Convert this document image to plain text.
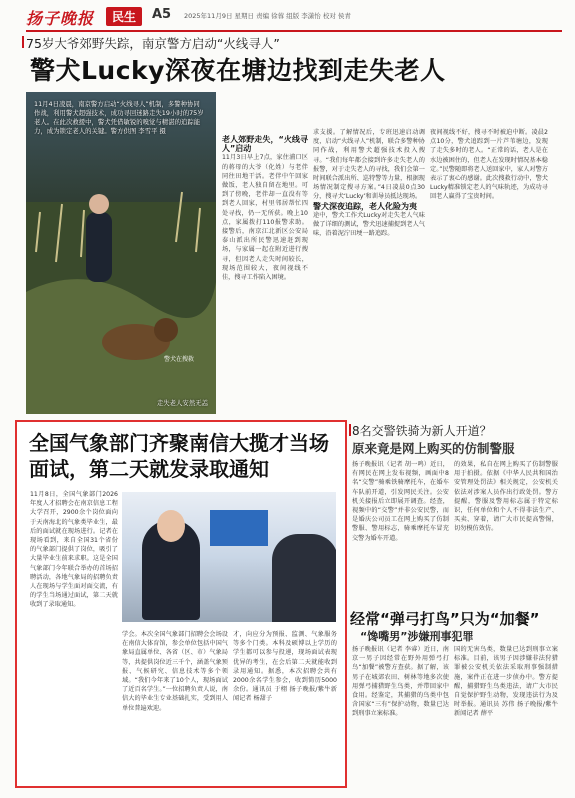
扬子晚报	民生	A5 2025年11月9日 星期日 责编 徐蓉 组版 李潇怡 校对 侯青
75岁大爷郊野失踪，南京警方启动“火线寻人”
警犬Lucky深夜在塘边找到走失老人
11月4日凌晨，南京警方启动“火线寻人”机制，多警种协同作战，利用警犬超强技术，成功寻回迷路走失19小时的75岁老人。在此次救援中，警犬凭借敏锐的嗅觉与精湛的追踪能力，成为锁定老人的关键。警方供图 李雪平 摄
警犬在搜救
走失老人安然无恙
老人郊野走失，“火线寻人”启动
11月3日早上7点，家住浦口区的蒋母的大爷（化姓）与老伴同往田地干活。老伴中午回家做饭，老人独自留在地里。可到了傍晚，老伴却一直没有等到老人回家，村里邻居帮忙四处寻找，仍一无所获。晚上10点，家属拨打110报警求助。接警后，南京江北新区公安局泰山派出所民警迅速赶到现场，与家属一起在附近进行搜寻，但因老人走失时间较长，现场范围较大，夜间视线不佳，搜寻工作陷入困境。
求支援。了解情况后，专班迅速启动调度，启动“火线寻人”机制，联合多警种协同作战，利用警犬超强技术投入搜寻。“我们每年都会接到许多走失老人的报警，对于走失老人的寻找，我们会第一时间联合派出所、巡特警等力量，根据现场情况制定搜寻方案。”4日凌晨0点30分，搜寻犬‘Lucky’和训导员抵达现场。
警犬深夜追踪，老人化险为夷
途中，警犬工作犬Lucky对走失老人气味做了详细的测试，警犬迅速捕捉到老人气味，沿着泥泞田埂一路追踪。
夜间视线不好，搜寻不时被迫中断。凌晨2点10分，警犬追踪到一片芦苇塘边，发现了走失多时的老人。“正常的话，老人是在水边被困住的，但老人在发现时情况基本稳定。”民警随即将老人送回家中，家人对警方表示了衷心的感谢。此次搜救行动中，警犬Lucky精准锁定老人的气味轨迹，为成功寻回老人赢得了宝贵时间。
全国气象部门齐聚南信大揽才当场面试，第二天就发录取通知
11月8日，全国气象部门2026年度人才招聘会在南京信息工程大学召开，2900余个岗位面向于天南海北的气象类毕业生，最后的面试就在现场进行。记者在现场看到，来自全国31个省份的气象部门提供了岗位，吸引了大量毕业生前来求职。这是全国气象部门今年联合举办的首场招聘活动，各地气象局的招聘负责人在现场与学生面对面交流，有的学生当场通过面试，第二天就收到了录取通知。
学会。本次全国气象部门招聘会会场设在南信大体育馆，参会单位包括中国气象局直属单位、各省（区、市）气象局等，共提供岗位近三千个，涵盖气象预报、气候研究、信息技术等多个领域。“我们今年来了10个人，现场面试了近百名学生。”一位招聘负责人说，南信大的毕业生专业基础扎实，受到用人单位普遍欢迎。
才，向应分为预报、监测、气象服务等多个门类。本科及硕博以上学历的学生都可以参与投递，现场面试表现优异的考生，在会后第二天就能收到录用通知。据悉，本次招聘会共有2000余名学生参会，收到简历5000余份。通讯员 于栩 扬子晚报/紫牛新闻记者 杨甜子
8名交警铁骑为新人开道？
原来竟是网上购买的仿制警服
扬子晚报讯（记者 胡一鸣）近日，有网民在网上发布视频，画面中8名“交警”骑乘铁骑摩托车，在婚车车队前开道，引发网民关注。公安机关接报后立即展开调查。经查，视频中的“交警”并非公安民警，而是婚庆公司员工在网上购买了仿制警服、警用标志，骑乘摩托车冒充交警为婚车开道。
的效果，私自在网上购买了仿制警服用于拍摄。依据《中华人民共和国治安管理处罚法》相关规定，公安机关依法对涉案人员作出行政处罚。警方提醒，警服及警用标志属于特定标识，任何单位和个人不得非法生产、买卖、穿着，请广大市民提高警惕，切勿模仿效仿。
经常“弹弓打鸟”只为“加餐”
“馋嘴男”涉嫌刑事犯罪
扬子晚报讯（记者 李睿）近日，南京一男子因经常在野外用弹弓打鸟“加餐”被警方查获。据了解，该男子在城郊农田、树林等地多次使用弹弓捕猎野生鸟类，并带回家中食用。经鉴定，其捕猎的鸟类中包含国家“三有”保护动物，数量已达到刑事立案标准。
国的无害鸟类，数量已达到刑事立案标准。目前，该男子因涉嫌非法狩猎罪被公安机关依法采取刑事强制措施，案件正在进一步侦办中。警方提醒，捕猎野生鸟类违法，请广大市民自觉保护野生动物，发现违法行为及时举报。通讯员 苏伟 扬子晚报/紫牛新闻记者 薛平
